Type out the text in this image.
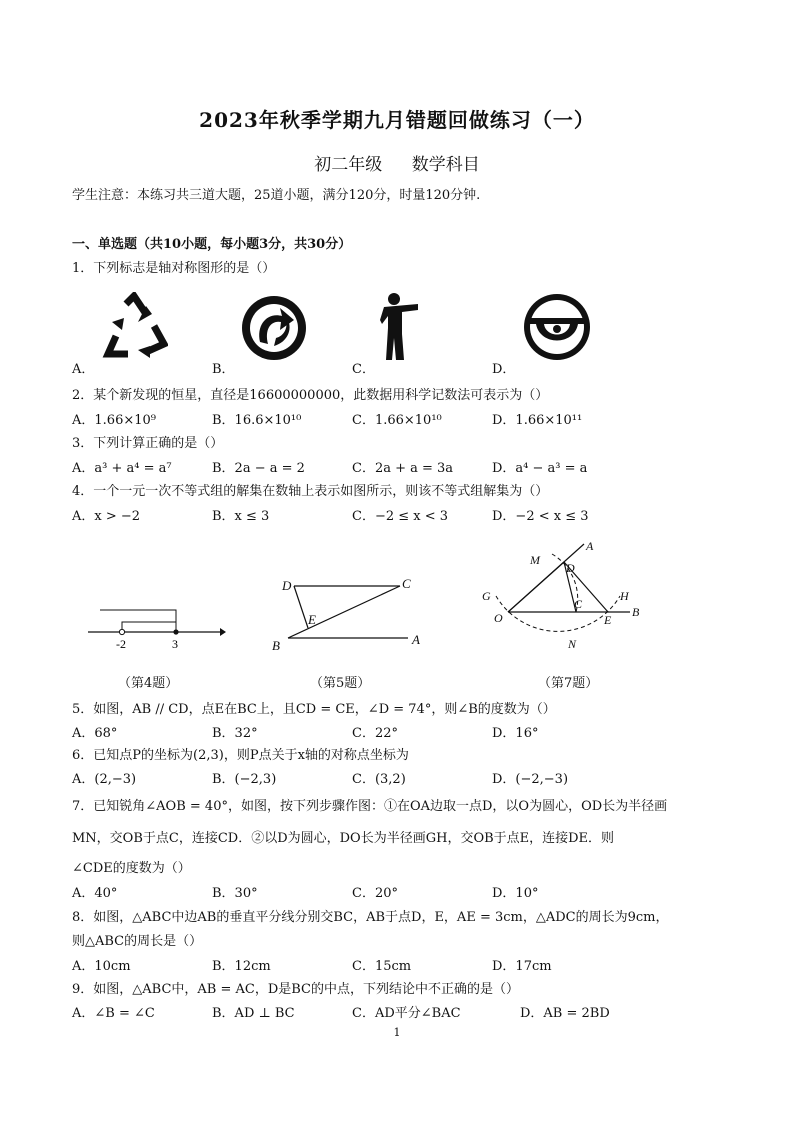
2023年秋季学期九月错题回做练习（一）
初二年级 数学科目
学生注意：本练习共三道大题，25道小题，满分120分，时量120分钟.
一、单选题（共10小题，每小题3分，共30分）
1．下列标志是轴对称图形的是（）
A．	B．	C．	D．
2．某个新发现的恒星，直径是16600000000，此数据用科学记数法可表示为（）
A．1.66×10⁹	B．16.6×10¹⁰	C．1.66×10¹⁰	D．1.66×10¹¹
3．下列计算正确的是（）
A．a³ + a⁴ = a⁷	B．2a − a = 2	C．2a + a = 3a	D．a⁴ − a³ = a
4．一个一元一次不等式组的解集在数轴上表示如图所示，则该不等式组解集为（）
A．x > −2	B．x ≤ 3	C．−2 ≤ x < 3	D．−2 < x ≤ 3
-2	3
（第4题）
D	C
E
B	A
（第5题）
M
D
A
G	H
O
C
E
B
N
（第7题）
5．如图，AB // CD，点E在BC上，且CD = CE，∠D = 74°，则∠B的度数为（）
A．68°	B．32°	C．22°	D．16°
6．已知点P的坐标为(2,3)，则P点关于x轴的对称点坐标为
A．(2,−3)	B．(−2,3)	C．(3,2)	D．(−2,−3)
7．已知锐角∠AOB = 40°，如图，按下列步骤作图：①在OA边取一点D，以O为圆心，OD长为半径画
MN，交OB于点C，连接CD．②以D为圆心，DO长为半径画GH，交OB于点E，连接DE．则
∠CDE的度数为（）
A．40°	B．30°	C．20°	D．10°
8．如图，△ABC中边AB的垂直平分线分别交BC，AB于点D，E，AE = 3cm，△ADC的周长为9cm，
则△ABC的周长是（）
A．10cm	B．12cm	C．15cm	D．17cm
9．如图，△ABC中，AB = AC，D是BC的中点，下列结论中不正确的是（）
A．∠B = ∠C	B．AD ⊥ BC	C．AD平分∠BAC	D．AB = 2BD
1
